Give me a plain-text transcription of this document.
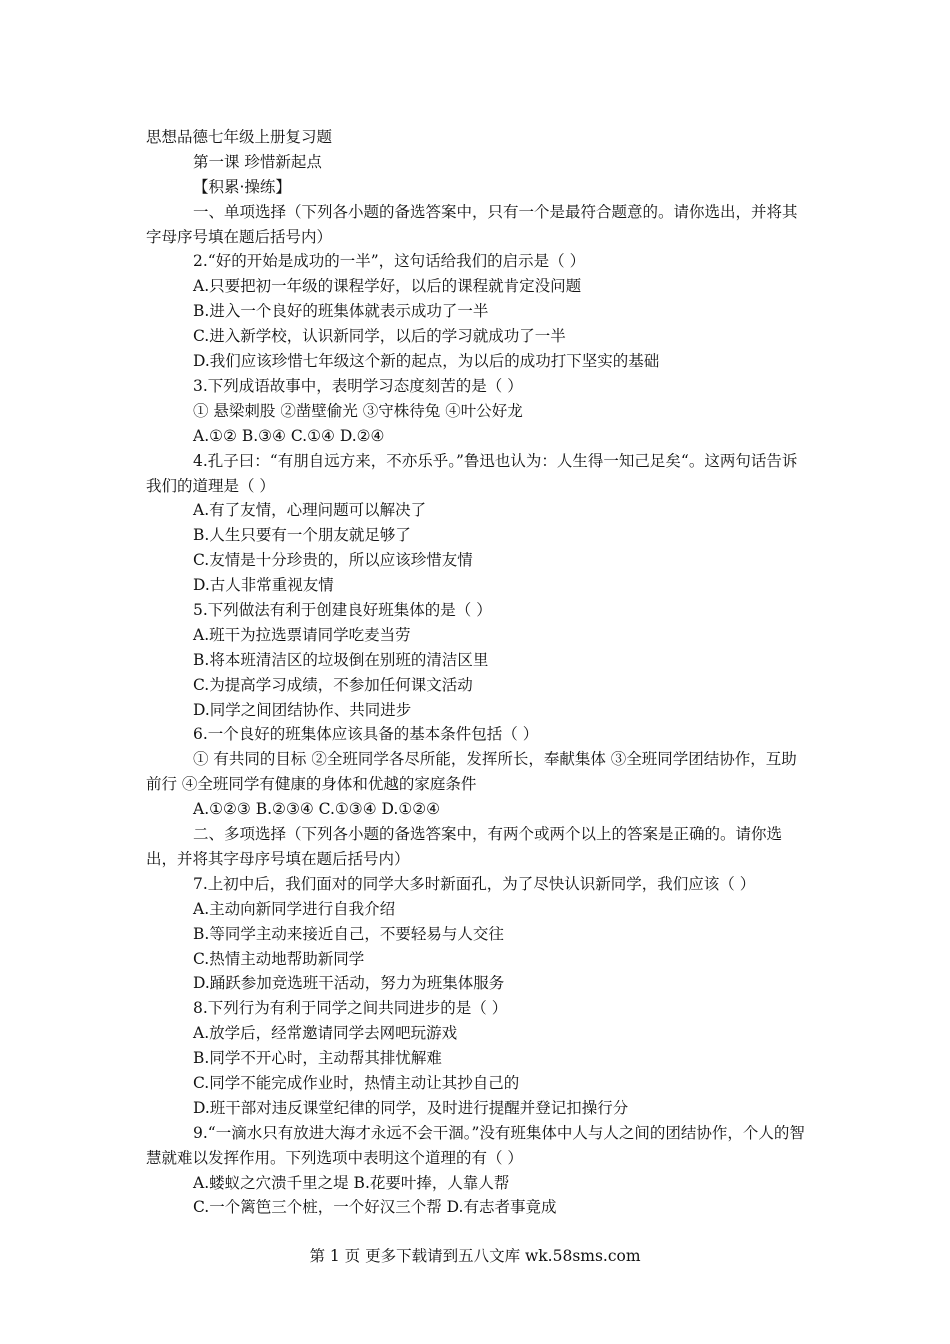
思想品德七年级上册复习题
第一课 珍惜新起点
【积累·操练】
一、单项选择（下列各小题的备选答案中，只有一个是最符合题意的。请你选出，并将其字母序号填在题后括号内）
2.“好的开始是成功的一半”，这句话给我们的启示是（ ）
A.只要把初一年级的课程学好，以后的课程就肯定没问题
B.进入一个良好的班集体就表示成功了一半
C.进入新学校，认识新同学，以后的学习就成功了一半
D.我们应该珍惜七年级这个新的起点，为以后的成功打下坚实的基础
3.下列成语故事中，表明学习态度刻苦的是（ ）
① 悬梁刺股 ②凿壁偷光 ③守株待兔 ④叶公好龙
A.①② B.③④ C.①④ D.②④
4.孔子曰：“有朋自远方来，不亦乐乎。”鲁迅也认为：人生得一知己足矣“。这两句话告诉我们的道理是（ ）
A.有了友情，心理问题可以解决了
B.人生只要有一个朋友就足够了
C.友情是十分珍贵的，所以应该珍惜友情
D.古人非常重视友情
5.下列做法有利于创建良好班集体的是（ ）
A.班干为拉选票请同学吃麦当劳
B.将本班清洁区的垃圾倒在别班的清洁区里
C.为提高学习成绩，不参加任何课文活动
D.同学之间团结协作、共同进步
6.一个良好的班集体应该具备的基本条件包括（ ）
① 有共同的目标 ②全班同学各尽所能，发挥所长，奉献集体 ③全班同学团结协作，互助前行 ④全班同学有健康的身体和优越的家庭条件
A.①②③ B.②③④ C.①③④ D.①②④
二、多项选择（下列各小题的备选答案中，有两个或两个以上的答案是正确的。请你选出，并将其字母序号填在题后括号内）
7.上初中后，我们面对的同学大多时新面孔，为了尽快认识新同学，我们应该（ ）
A.主动向新同学进行自我介绍
B.等同学主动来接近自己，不要轻易与人交往
C.热情主动地帮助新同学
D.踊跃参加竞选班干活动，努力为班集体服务
8.下列行为有利于同学之间共同进步的是（ ）
A.放学后，经常邀请同学去网吧玩游戏
B.同学不开心时，主动帮其排忧解难
C.同学不能完成作业时，热情主动让其抄自己的
D.班干部对违反课堂纪律的同学，及时进行提醒并登记扣操行分
9.“一滴水只有放进大海才永远不会干涸。”没有班集体中人与人之间的团结协作，个人的智慧就难以发挥作用。下列选项中表明这个道理的有（ ）
A.蝼蚁之穴溃千里之堤 B.花要叶捧，人靠人帮
C.一个篱笆三个桩，一个好汉三个帮 D.有志者事竟成
第 1 页 更多下载请到五八文库 wk.58sms.com
